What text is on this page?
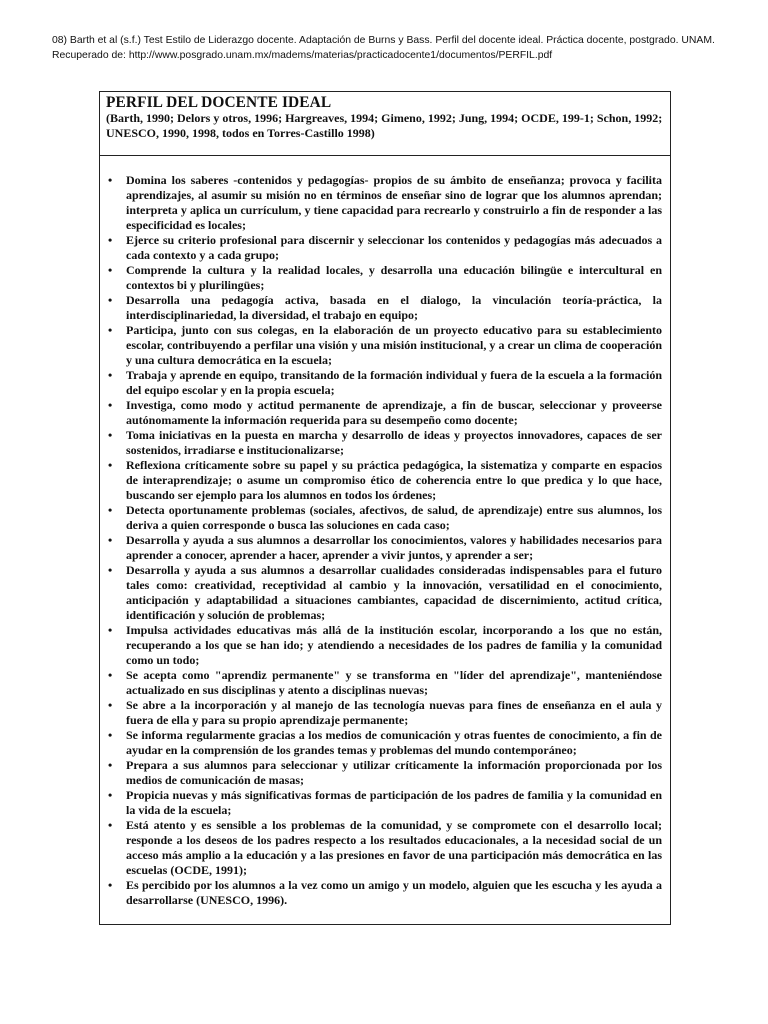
08) Barth et al (s.f.) Test Estilo de Liderazgo docente. Adaptación de Burns y Bass. Perfil del docente ideal. Práctica docente, postgrado. UNAM.
Recuperado de: http://www.posgrado.unam.mx/madems/materias/practicadocente1/documentos/PERFIL.pdf

PERFIL DEL DOCENTE IDEAL

(Barth, 1990; Delors y otros, 1996; Hargreaves, 1994; Gimeno, 1992; Jung, 1994; OCDE, 199-1; Schon, 1992; UNESCO, 1990, 1998, todos en Torres-Castillo 1998)

• Domina los saberes -contenidos y pedagogías- propios de su ámbito de enseñanza; provoca y facilita aprendizajes, al asumir su misión no en términos de enseñar sino de lograr que los alumnos aprendan; interpreta y aplica un currículum, y tiene capacidad para recrearlo y construirlo a fin de responder a las especificidad es locales;
• Ejerce su criterio profesional para discernir y seleccionar los contenidos y pedagogías más adecuados a cada contexto y a cada grupo;
• Comprende la cultura y la realidad locales, y desarrolla una educación bilingüe e intercultural en contextos bi y plurilingües;
• Desarrolla una pedagogía activa, basada en el dialogo, la vinculación teoría-práctica, la interdisciplinariedad, la diversidad, el trabajo en equipo;
• Participa, junto con sus colegas, en la elaboración de un proyecto educativo para su establecimiento escolar, contribuyendo a perfilar una visión y una misión institucional, y a crear un clima de cooperación y una cultura democrática en la escuela;
• Trabaja y aprende en equipo, transitando de la formación individual y fuera de la escuela a la formación del equipo escolar y en la propia escuela;
• Investiga, como modo y actitud permanente de aprendizaje, a fin de buscar, seleccionar y proveerse autónomamente la información requerida para su desempeño como docente;
• Toma iniciativas en la puesta en marcha y desarrollo de ideas y proyectos innovadores, capaces de ser sostenidos, irradiarse e institucionalizarse;
• Reflexiona críticamente sobre su papel y su práctica pedagógica, la sistematiza y comparte en espacios de interaprendizaje; o asume un compromiso ético de coherencia entre lo que predica y lo que hace, buscando ser ejemplo para los alumnos en todos los órdenes;
• Detecta oportunamente problemas (sociales, afectivos, de salud, de aprendizaje) entre sus alumnos, los deriva a quien corresponde o busca las soluciones en cada caso;
• Desarrolla y ayuda a sus alumnos a desarrollar los conocimientos, valores y habilidades necesarios para aprender a conocer, aprender a hacer, aprender a vivir juntos, y aprender a ser;
• Desarrolla y ayuda a sus alumnos a desarrollar cualidades consideradas indispensables para el futuro tales como: creatividad, receptividad al cambio y la innovación, versatilidad en el conocimiento, anticipación y adaptabilidad a situaciones cambiantes, capacidad de discernimiento, actitud crítica, identificación y solución de problemas;
• Impulsa actividades educativas más allá de la institución escolar, incorporando a los que no están, recuperando a los que se han ido; y atendiendo a necesidades de los padres de familia y la comunidad como un todo;
• Se acepta como "aprendiz permanente" y se transforma en "líder del aprendizaje", manteniéndose actualizado en sus disciplinas y atento a disciplinas nuevas;
• Se abre a la incorporación y al manejo de las tecnología nuevas para fines de enseñanza en el aula y fuera de ella y para su propio aprendizaje permanente;
• Se informa regularmente gracias a los medios de comunicación y otras fuentes de conocimiento, a fin de ayudar en la comprensión de los grandes temas y problemas del mundo contemporáneo;
• Prepara a sus alumnos para seleccionar y utilizar críticamente la información proporcionada por los medios de comunicación de masas;
• Propicia nuevas y más significativas formas de participación de los padres de familia y la comunidad en la vida de la escuela;
• Está atento y es sensible a los problemas de la comunidad, y se compromete con el desarrollo local; responde a los deseos de los padres respecto a los resultados educacionales, a la necesidad social de un acceso más amplio a la educación y a las presiones en favor de una participación más democrática en las escuelas (OCDE, 1991);
• Es percibido por los alumnos a la vez como un amigo y un modelo, alguien que les escucha y les ayuda a desarrollarse (UNESCO, 1996).
